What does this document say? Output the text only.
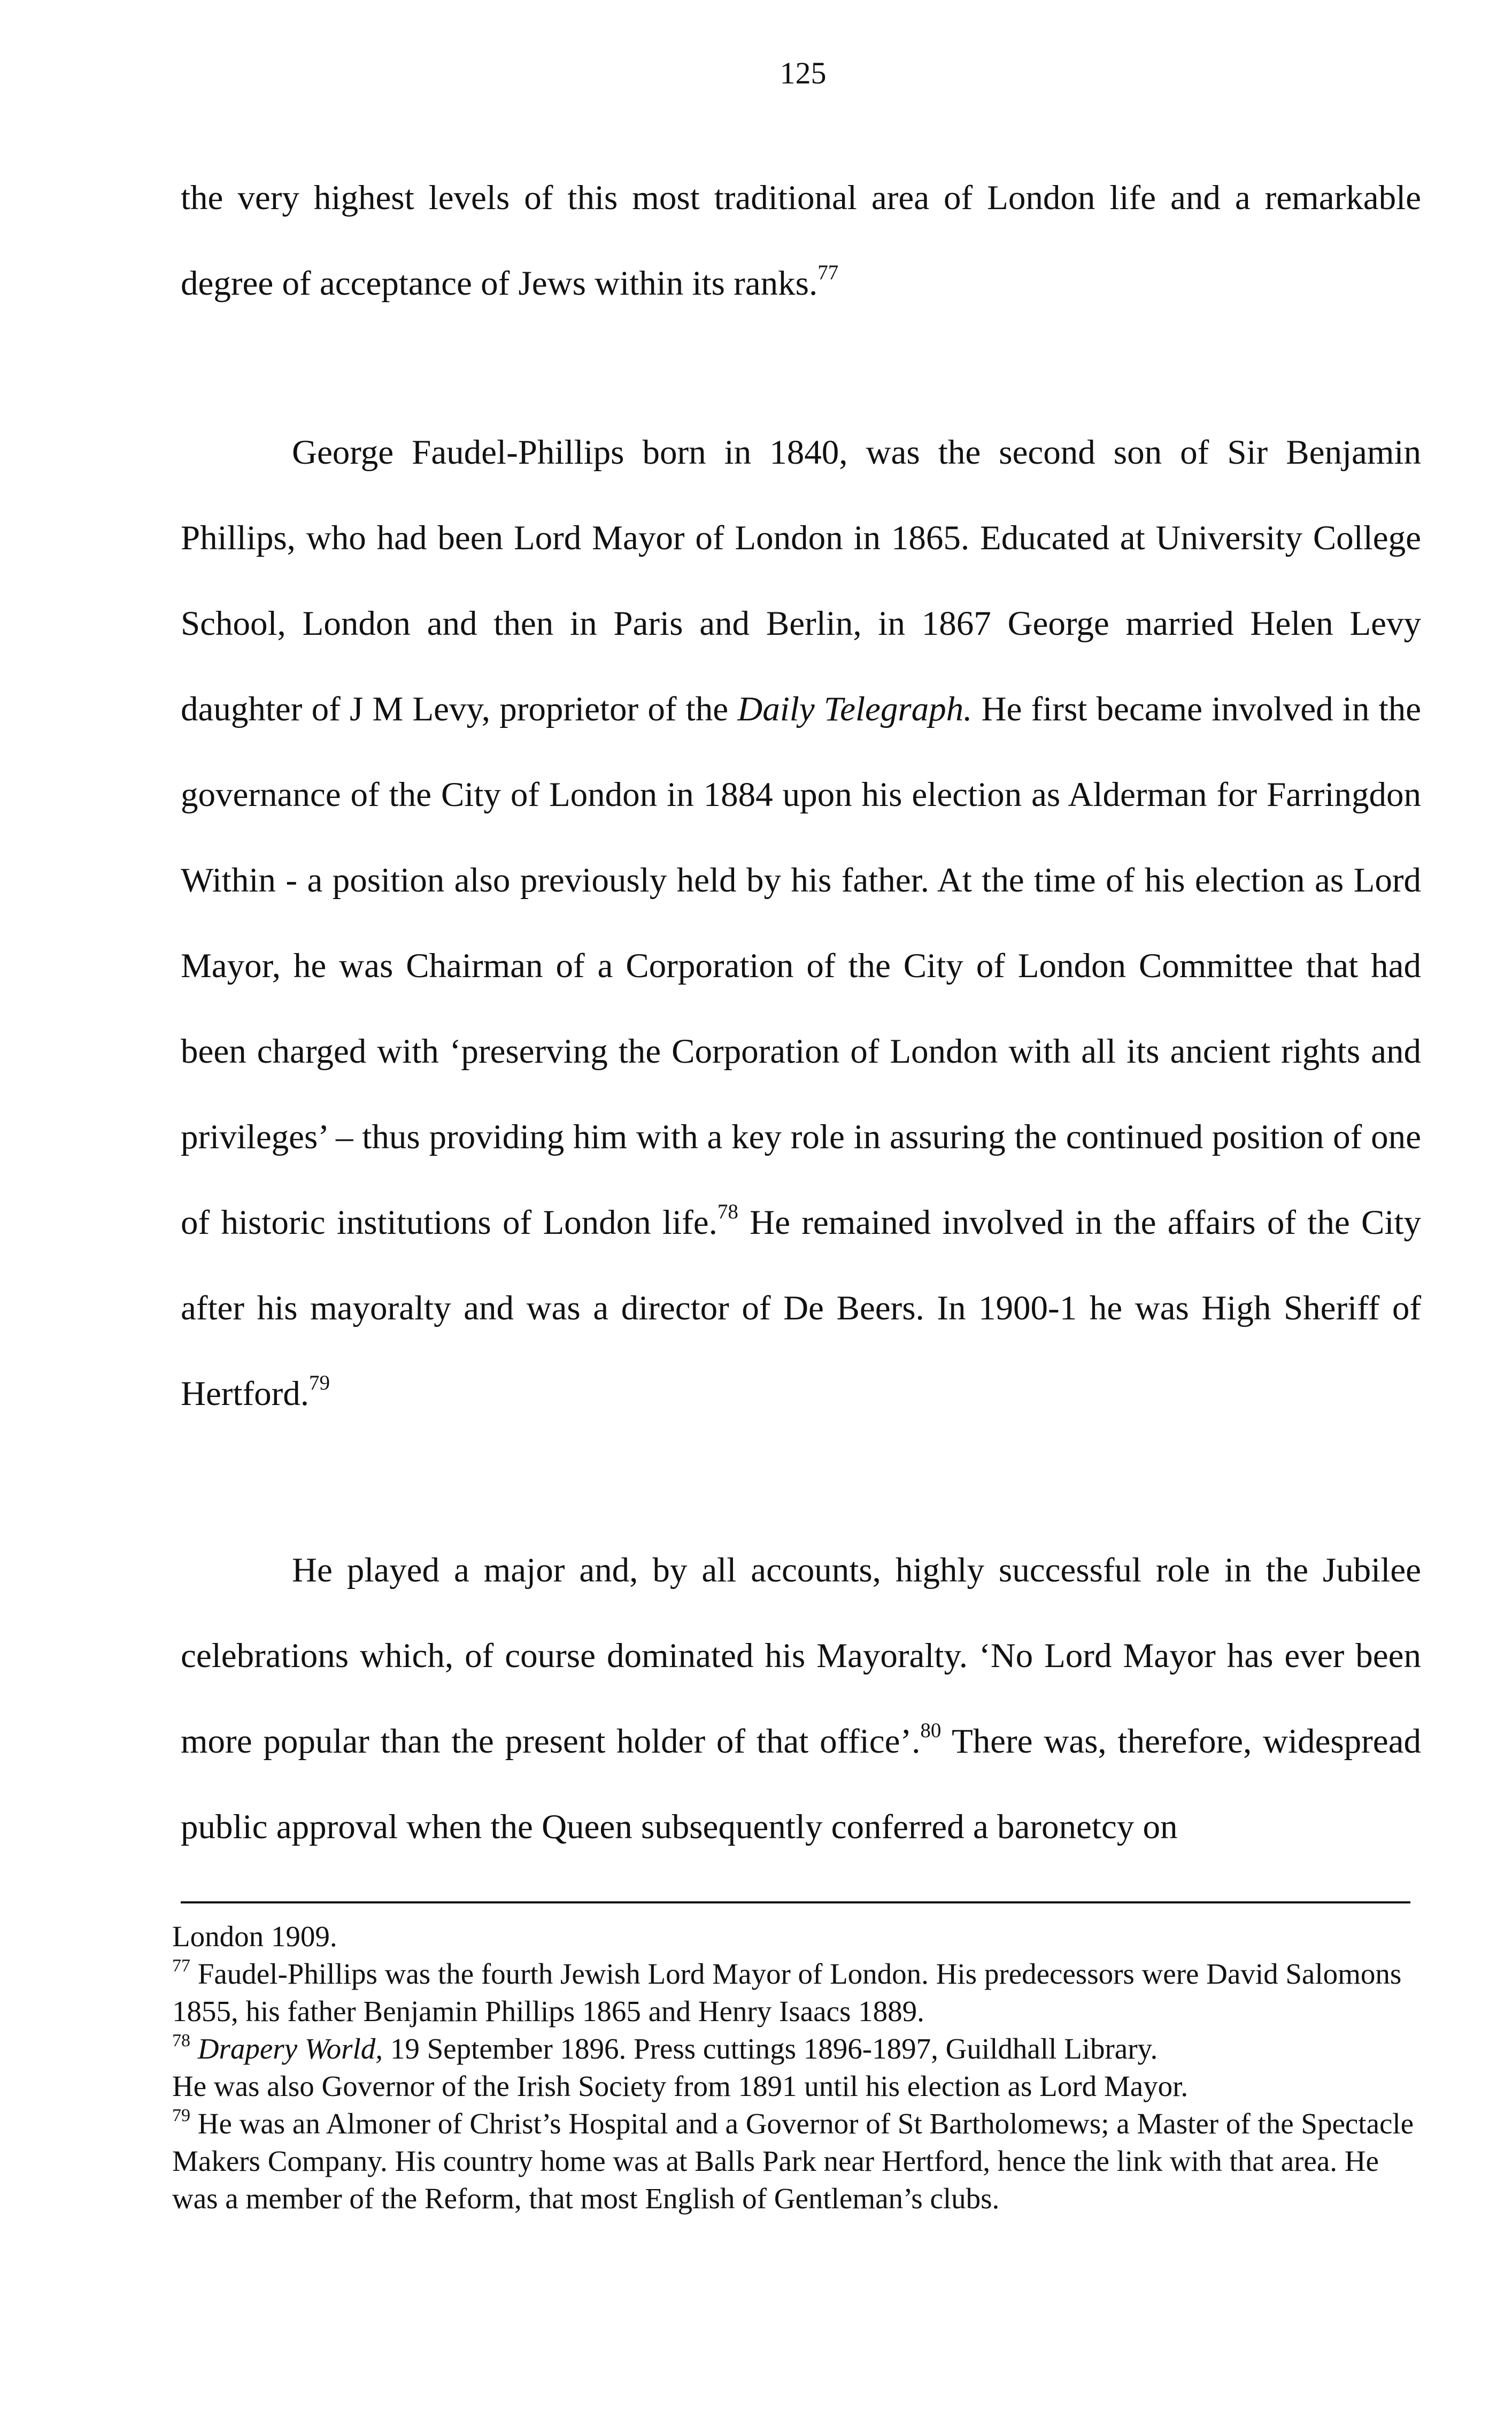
125

the very highest levels of this most traditional area of London life and a remarkable degree of acceptance of Jews within its ranks.$^{77}$

George Faudel-Phillips born in 1840, was the second son of Sir Benjamin Phillips, who had been Lord Mayor of London in 1865. Educated at University College School, London and then in Paris and Berlin, in 1867 George married Helen Levy daughter of J M Levy, proprietor of the Daily Telegraph. He first became involved in the governance of the City of London in 1884 upon his election as Alderman for Farringdon Within - a position also previously held by his father. At the time of his election as Lord Mayor, he was Chairman of a Corporation of the City of London Committee that had been charged with ‘preserving the Corporation of London with all its ancient rights and privileges’ – thus providing him with a key role in assuring the continued position of one of historic institutions of London life.$^{78}$ He remained involved in the affairs of the City after his mayoralty and was a director of De Beers. In 1900-1 he was High Sheriff of Hertford.$^{79}$

He played a major and, by all accounts, highly successful role in the Jubilee celebrations which, of course dominated his Mayoralty. ‘No Lord Mayor has ever been more popular than the present holder of that office’.$^{80}$ There was, therefore, widespread public approval when the Queen subsequently conferred a baronetcy on

London 1909.

$^{77}$ Faudel-Phillips was the fourth Jewish Lord Mayor of London. His predecessors were David Salomons 1855, his father Benjamin Phillips 1865 and Henry Isaacs 1889.

$^{78}$ Drapery World, 19 September 1896. Press cuttings 1896-1897, Guildhall Library.

He was also Governor of the Irish Society from 1891 until his election as Lord Mayor.

$^{79}$ He was an Almoner of Christ’s Hospital and a Governor of St Bartholomews; a Master of the Spectacle Makers Company. His country home was at Balls Park near Hertford, hence the link with that area. He was a member of the Reform, that most English of Gentleman’s clubs.
